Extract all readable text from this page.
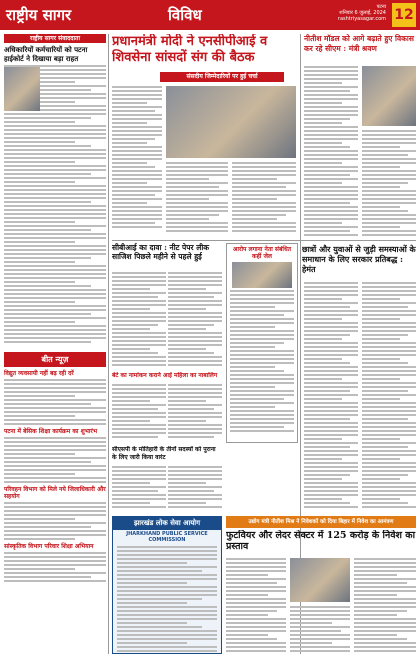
राष्ट्रीय सागर	विविध	पटना
शनिवार 6 जुलाई, 2024
rashtriyasagar.com 12
राष्ट्रीय सागर संवाददाता
अधिकारियों कर्मचारियों को पटना हाईकोर्ट ने दिखाया बड़ा राहत
बीत न्यूज़
विद्युत व्यवसायी नहीं बढ़ रही दरें
पटना में बेसिक शिक्षा कार्यक्रम का शुभारंभ
परिवहन विभाग को मिले नये जिलाधिकारी और सहयोग
सांस्कृतिक विभाग परिवार शिक्षा अभियान
प्रधानमंत्री मोदी ने एनसीपीआई व
शिवसेना सांसदों संग की बैठक
संसदीय जिम्मेदारियों पर हुई चर्चा
सीबीआई का दावा : नीट पेपर लीक साजिश पिछले महीने से पहले हुई
आरोप लगाना नेता संबंधित कहीं जेल
बेटे का नामांकन कराने आई महिला का नाबालिग
सीएसपी के मोतिहारी के तीनों सदस्यों को पुराना के लिए जारी किया वारंट
झारखंड लोक सेवा आयोग
JHARKHAND PUBLIC SERVICE COMMISSION
नीतीश मॉडल को आगे बढ़ाते हुए विकास कर रहे सीएम : मंत्री श्रवण
छात्रों और युवाओं से जुड़ी समस्याओं के समाधान के लिए सरकार प्रतिबद्ध : हेमंत
उद्योग मंत्री नीतीश मिश्र ने निवेशकों को दिया बिहार में निवेश का आमंत्रण
फुटवियर और लेदर सेक्टर में 125 करोड़ के निवेश का प्रस्ताव
